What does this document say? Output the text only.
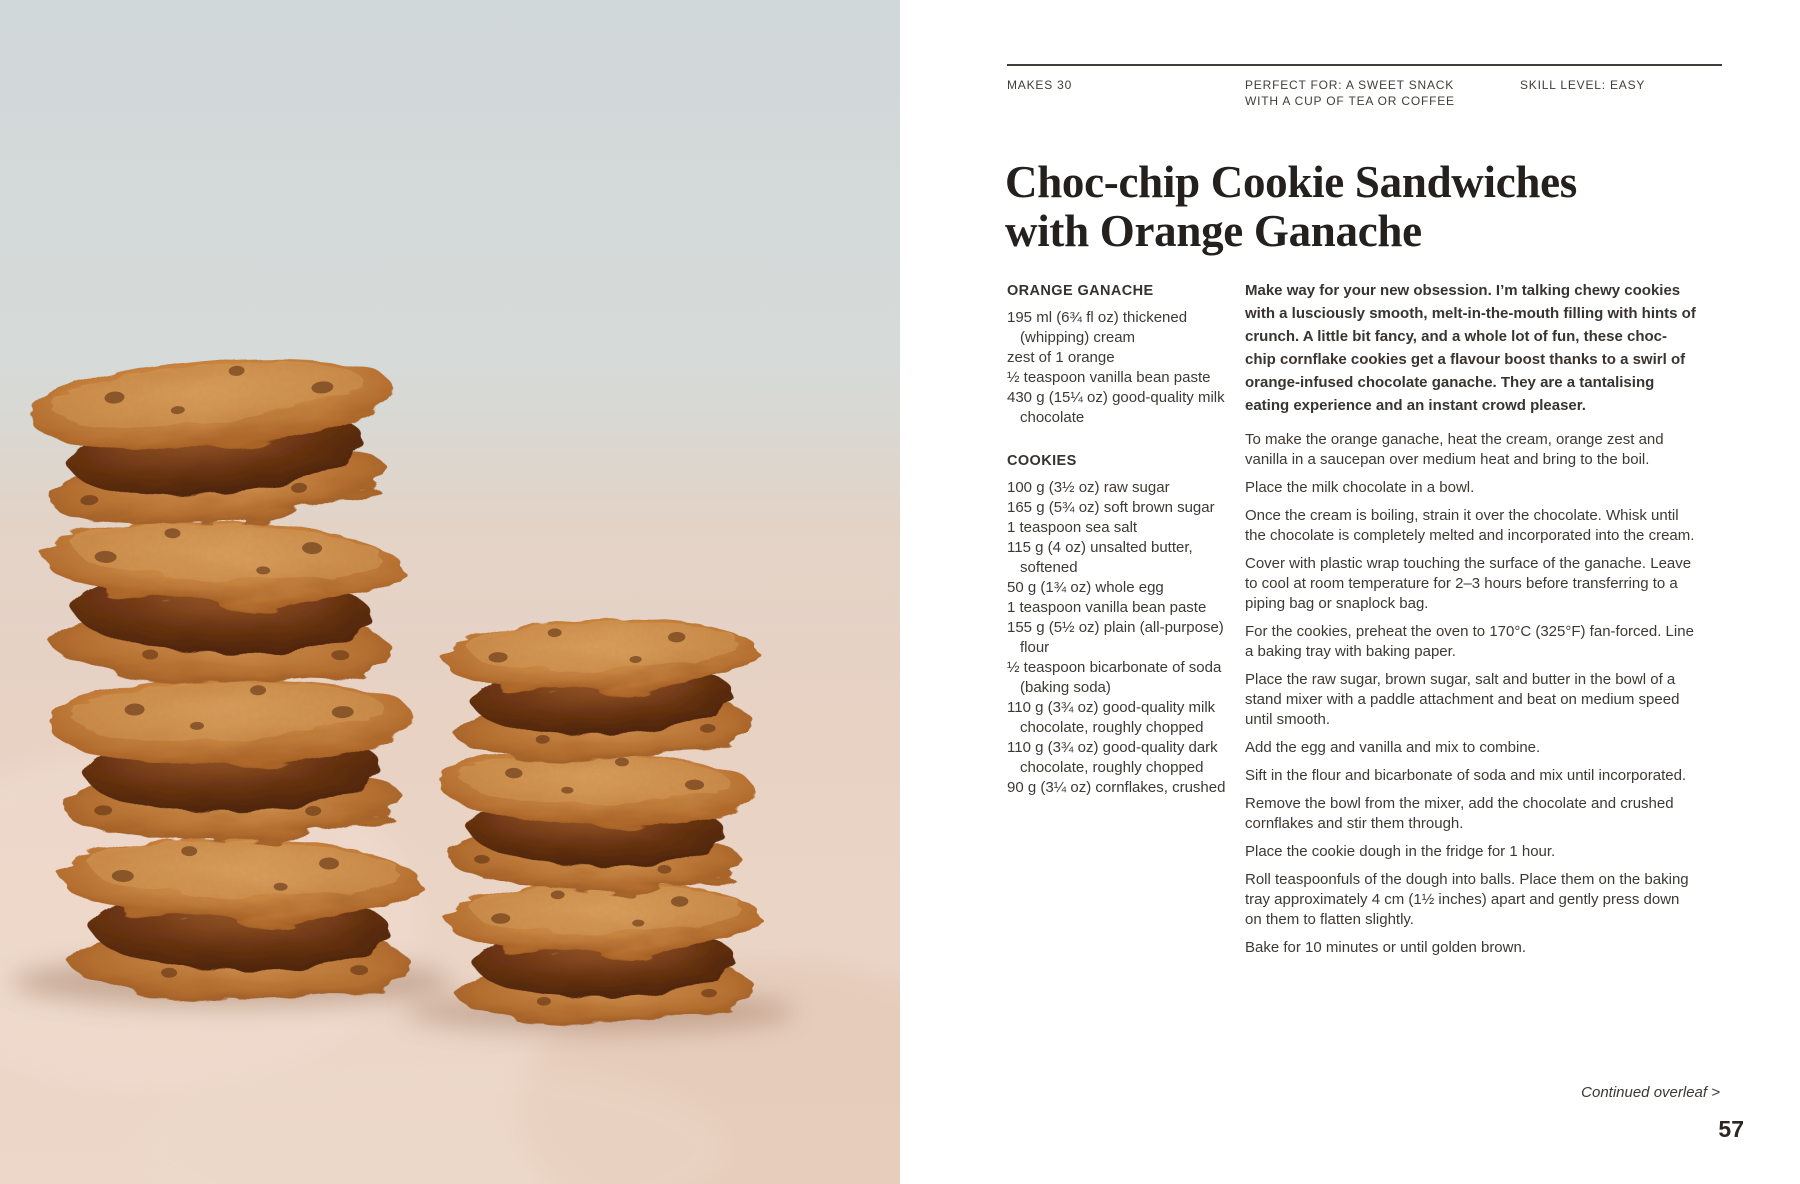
MAKES 30	PERFECT FOR: A SWEET SNACK
WITH A CUP OF TEA OR COFFEE
SKILL LEVEL: EASY
Choc-chip Cookie Sandwiches
with Orange Ganache
ORANGE GANACHE
195 ml (6¾ fl oz) thickened (whipping) cream
zest of 1 orange
½ teaspoon vanilla bean paste
430 g (15¼ oz) good-quality milk chocolate
COOKIES
100 g (3½ oz) raw sugar
165 g (5¾ oz) soft brown sugar
1 teaspoon sea salt
115 g (4 oz) unsalted butter, softened
50 g (1¾ oz) whole egg
1 teaspoon vanilla bean paste
155 g (5½ oz) plain (all-purpose) flour
½ teaspoon bicarbonate of soda (baking soda)
110 g (3¾ oz) good-quality milk chocolate, roughly chopped
110 g (3¾ oz) good-quality dark chocolate, roughly chopped
90 g (3¼ oz) cornflakes, crushed

Make way for your new obsession. I’m talking chewy cookies with a lusciously smooth, melt-in-the-mouth filling with hints of crunch. A little bit fancy, and a whole lot of fun, these choc-chip cornflake cookies get a flavour boost thanks to a swirl of orange-infused chocolate ganache. They are a tantalising eating experience and an instant crowd pleaser.

To make the orange ganache, heat the cream, orange zest and vanilla in a saucepan over medium heat and bring to the boil.

Place the milk chocolate in a bowl.

Once the cream is boiling, strain it over the chocolate. Whisk until the chocolate is completely melted and incorporated into the cream.

Cover with plastic wrap touching the surface of the ganache. Leave to cool at room temperature for 2–3 hours before transferring to a piping bag or snaplock bag.

For the cookies, preheat the oven to 170°C (325°F) fan-forced. Line a baking tray with baking paper.

Place the raw sugar, brown sugar, salt and butter in the bowl of a stand mixer with a paddle attachment and beat on medium speed until smooth.

Add the egg and vanilla and mix to combine.

Sift in the flour and bicarbonate of soda and mix until incorporated.

Remove the bowl from the mixer, add the chocolate and crushed cornflakes and stir them through.

Place the cookie dough in the fridge for 1 hour.

Roll teaspoonfuls of the dough into balls. Place them on the baking tray approximately 4 cm (1½ inches) apart and gently press down on them to flatten slightly.

Bake for 10 minutes or until golden brown.

Continued overleaf >
57
